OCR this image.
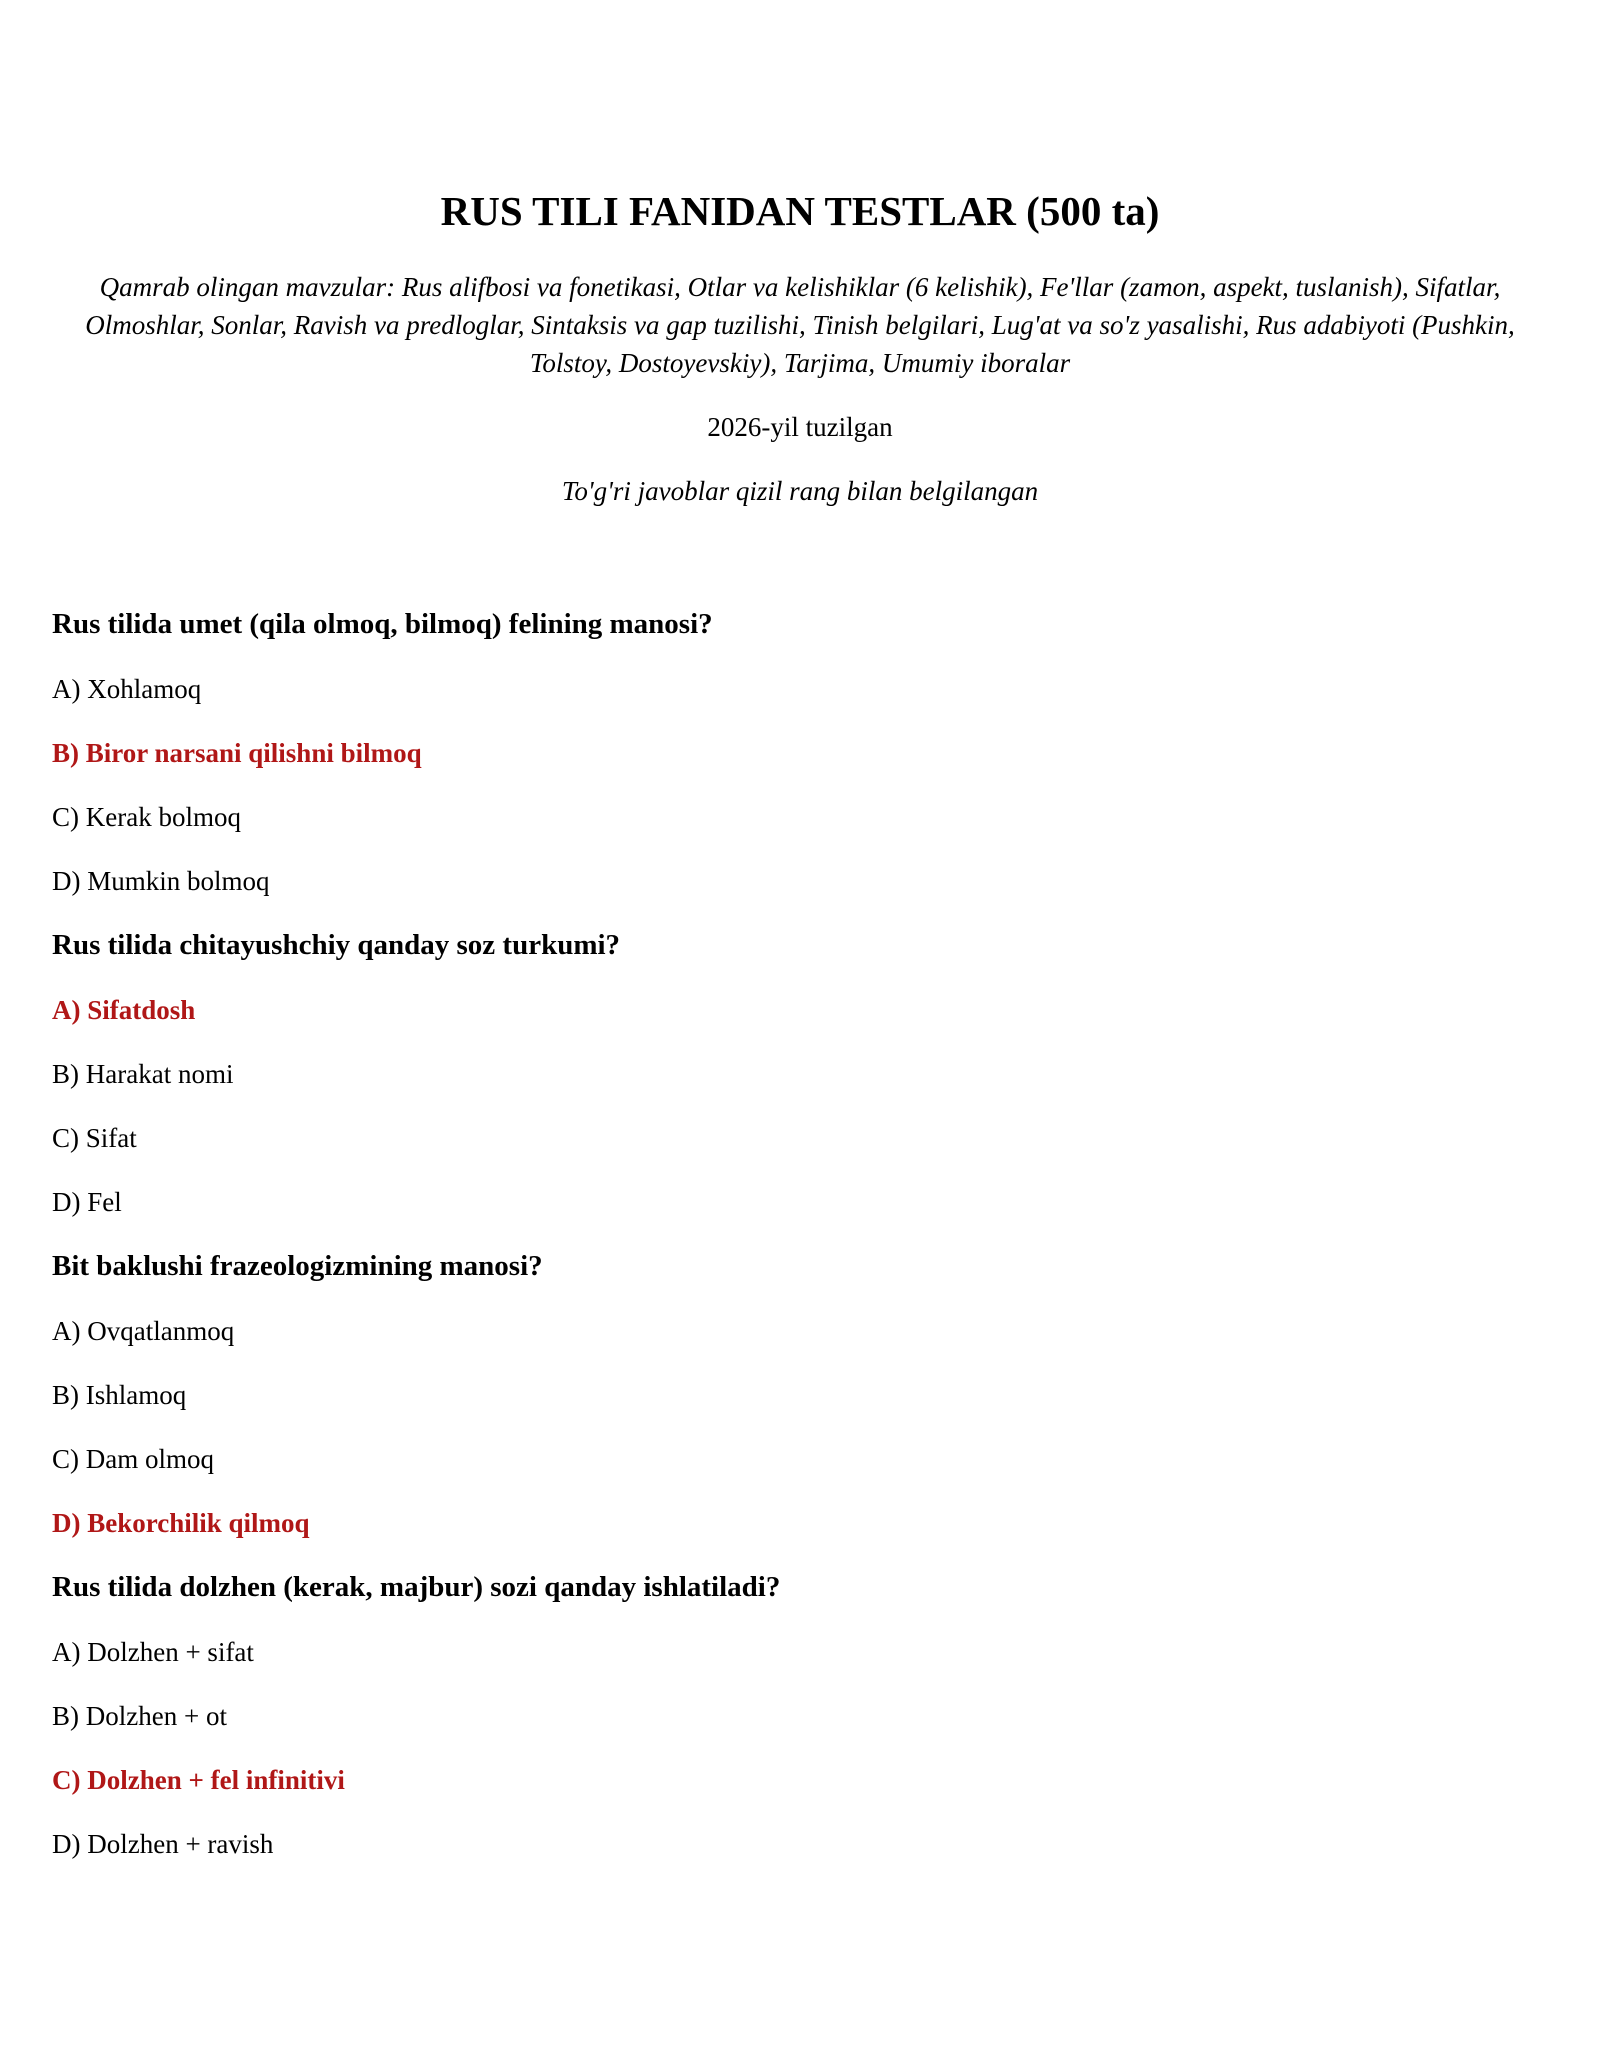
RUS TILI FANIDAN TESTLAR (500 ta)
Qamrab olingan mavzular: Rus alifbosi va fonetikasi, Otlar va kelishiklar (6 kelishik), Fe'llar (zamon, aspekt, tuslanish), Sifatlar, Olmoshlar, Sonlar, Ravish va predloglar, Sintaksis va gap tuzilishi, Tinish belgilari, Lug'at va so'z yasalishi, Rus adabiyoti (Pushkin, Tolstoy, Dostoyevskiy), Tarjima, Umumiy iboralar
2026-yil tuzilgan
To'g'ri javoblar qizil rang bilan belgilangan
Rus tilida umet (qila olmoq, bilmoq) felining manosi?
A) Xohlamoq
B) Biror narsani qilishni bilmoq
C) Kerak bolmoq
D) Mumkin bolmoq
Rus tilida chitayushchiy qanday soz turkumi?
A) Sifatdosh
B) Harakat nomi
C) Sifat
D) Fel
Bit baklushi frazeologizmining manosi?
A) Ovqatlanmoq
B) Ishlamoq
C) Dam olmoq
D) Bekorchilik qilmoq
Rus tilida dolzhen (kerak, majbur) sozi qanday ishlatiladi?
A) Dolzhen + sifat
B) Dolzhen + ot
C) Dolzhen + fel infinitivi
D) Dolzhen + ravish
